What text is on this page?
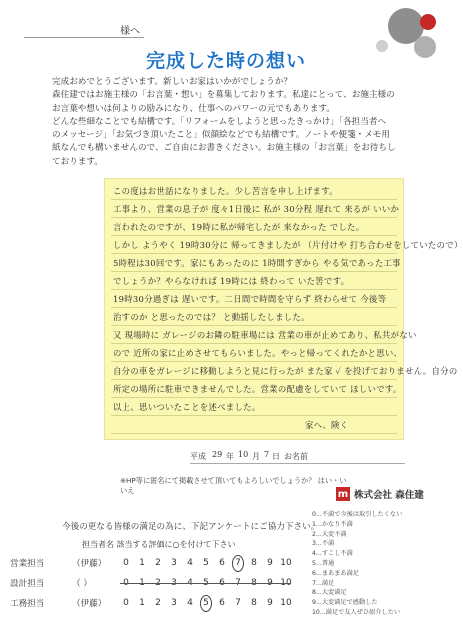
様へ
完成した時の想い
完成おめでとうございます。新しいお家はいかがでしょうか？
森住建ではお施主様の「お言葉・想い」を募集しております。私達にとって、お施主様の
お言葉や想いは何よりの励みになり、仕事へのパワーの元でもあります。
どんな些細なことでも結構です。「リフォームをしようと思ったきっかけ」「各担当者へ
のメッセージ」「お気づき頂いたこと」似顔絵などでも結構です。ノートや便箋・メモ用
紙なんでも構いませんので、ご自由にお書きください。お施主様の「お言葉」をお待ちし
ております。
この度はお世話になりました。少し苦言を申し上げます。
工事より、営業の息子が 度々1日後に 私が 30分程 遅れて 来るが いいか
言われたのですが、19時に私が帰宅したが 来なかった でした。
しかし ようやく 19時30分に 帰ってきましたが （片付けや 打ち合わせをしていたので）
5時程は30回です。家にもあったのに 1時間すぎから やる気であった工事
でしょうか？やらなければ 19時には 終わって いた筈です。
19時30分過ぎは 遅いです。二日間で時間を守らず 終わらせて 今後等
治すのか と思ったのでは？ と動揺したしました。
又 現場時に ガレージのお隣の駐車場には 営業の車が止めてあり、私共がない
ので 近所の家に止めさせてもらいました。やっと帰ってくれたかと思い、
自分の車をガレージに移動しようと見に行ったが また家 ✓ を投げておりません。自分の
所定の場所に駐車できませんでした。営業の配慮をしていて ほしいです。
以上、思いついたことを述べました。
家へ、険く
平成 29 年 10 月 7 日 お名前
※HP等に匿名にて掲載させて頂いてもよろしいでしょうか？ はい・いいえ	m 株式会社 森住建
今後の更なる皆様の満足の為に、下記アンケートにご協力下さい。
担当者名 該当する評価に○を付けて下さい
営業担当	（伊藤）	0	1	2	3	4	5	6	7	8	9 10
設計担当	（ ）	0	1	2	3	4	5	6	7	8	9 10
工務担当	（伊藤）	0	1	2	3	4	5	6	7	8	9 10
0...不満で今後は取引したくない
1...かなり不満
2...大変不満
3...不満
4...すこし不満
5...普通
6...まあまあ満足
7...満足
8...大変満足
9...大変満足で感動した
10...満足で友人ぜひ紹介したい
